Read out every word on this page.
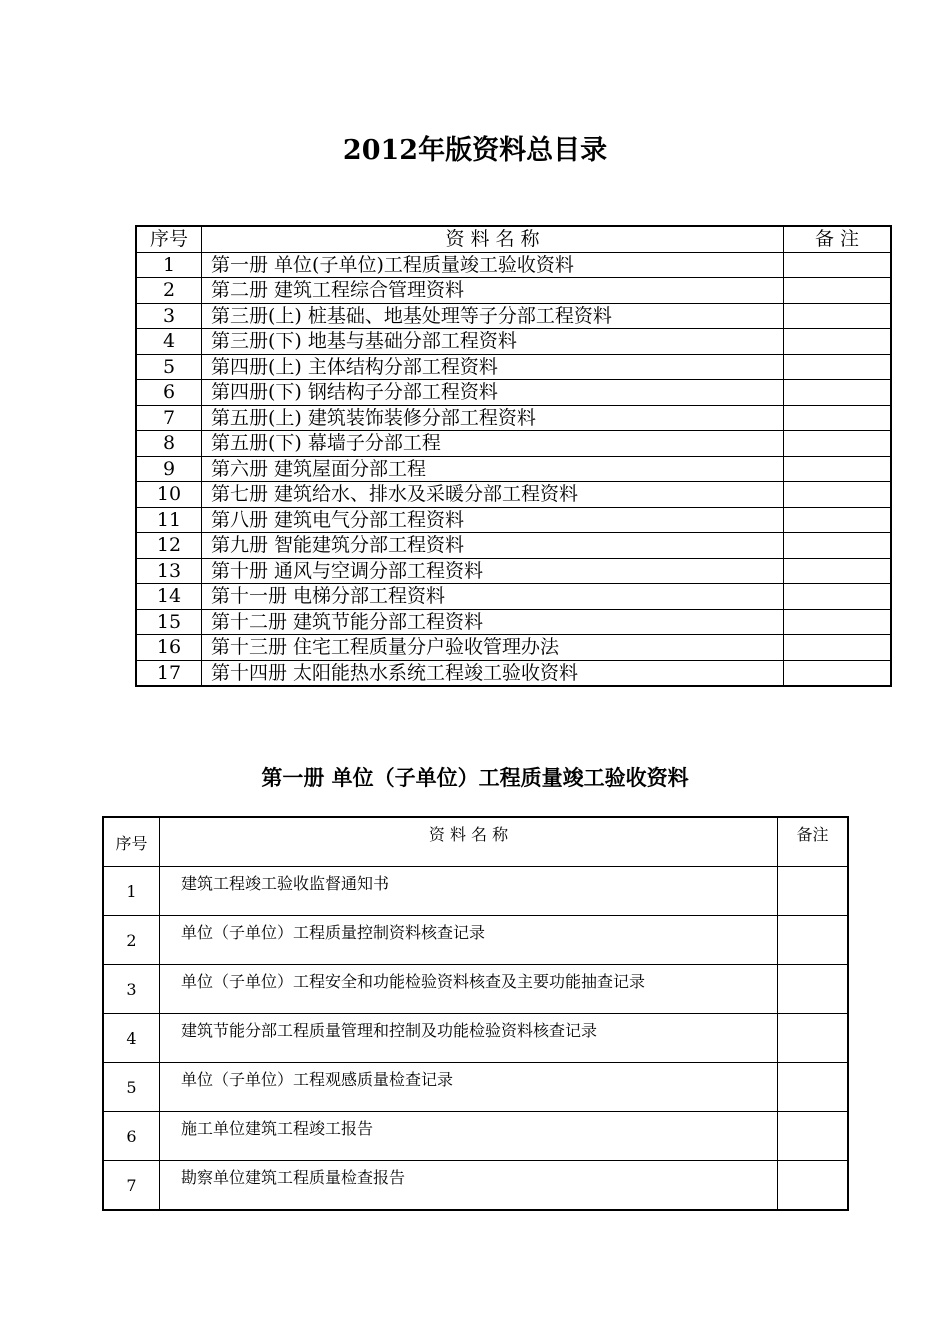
2012年版资料总目录
序号	资 料 名 称	备 注
1	第一册 单位(子单位)工程质量竣工验收资料	
2	第二册 建筑工程综合管理资料	
3	第三册(上) 桩基础、地基处理等子分部工程资料	
4	第三册(下) 地基与基础分部工程资料	
5	第四册(上) 主体结构分部工程资料	
6	第四册(下) 钢结构子分部工程资料	
7	第五册(上) 建筑装饰装修分部工程资料	
8	第五册(下) 幕墙子分部工程	
9	第六册 建筑屋面分部工程	
10	第七册 建筑给水、排水及采暖分部工程资料	
11	第八册 建筑电气分部工程资料	
12	第九册 智能建筑分部工程资料	
13	第十册 通风与空调分部工程资料	
14	第十一册 电梯分部工程资料	
15	第十二册 建筑节能分部工程资料	
16	第十三册 住宅工程质量分户验收管理办法	
17	第十四册 太阳能热水系统工程竣工验收资料	
第一册 单位（子单位）工程质量竣工验收资料
序号	资 料 名 称	备注
1	建筑工程竣工验收监督通知书	
2	单位（子单位）工程质量控制资料核查记录	
3	单位（子单位）工程安全和功能检验资料核查及主要功能抽查记录	
4	建筑节能分部工程质量管理和控制及功能检验资料核查记录	
5	单位（子单位）工程观感质量检查记录	
6	施工单位建筑工程竣工报告	
7	勘察单位建筑工程质量检查报告	
